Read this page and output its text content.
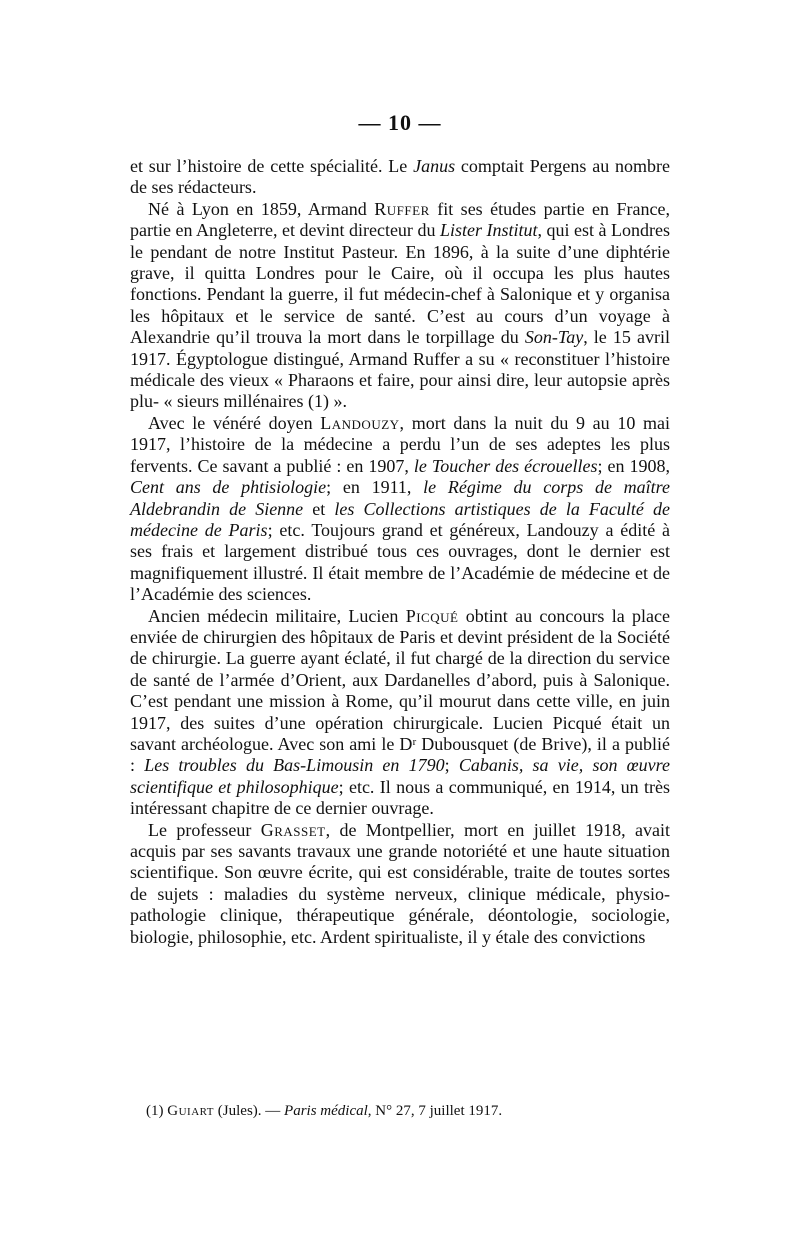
— 10 —

et sur l’histoire de cette spécialité. Le Janus comptait Pergens au nombre de ses rédacteurs.

Né à Lyon en 1859, Armand Ruffer fit ses études partie en France, partie en Angleterre, et devint directeur du Lister Institut, qui est à Londres le pendant de notre Institut Pasteur. En 1896, à la suite d’une diphtérie grave, il quitta Londres pour le Caire, où il occupa les plus hautes fonctions. Pendant la guerre, il fut médecin-chef à Salonique et y organisa les hôpitaux et le service de santé. C’est au cours d’un voyage à Alexandrie qu’il trouva la mort dans le torpillage du Son-Tay, le 15 avril 1917. Égyptologue distingué, Armand Ruffer a su « reconstituer l’histoire médicale des vieux « Pharaons et faire, pour ainsi dire, leur autopsie après plu- « sieurs millénaires (1) ».

Avec le vénéré doyen Landouzy, mort dans la nuit du 9 au 10 mai 1917, l’histoire de la médecine a perdu l’un de ses adeptes les plus fervents. Ce savant a publié : en 1907, le Toucher des écrouelles; en 1908, Cent ans de phtisiologie; en 1911, le Régime du corps de maître Aldebrandin de Sienne et les Collections artistiques de la Faculté de médecine de Paris; etc. Toujours grand et généreux, Landouzy a édité à ses frais et largement distribué tous ces ouvrages, dont le dernier est magnifiquement illustré. Il était membre de l’Académie de médecine et de l’Académie des sciences.

Ancien médecin militaire, Lucien Picqué obtint au concours la place enviée de chirurgien des hôpitaux de Paris et devint président de la Société de chirurgie. La guerre ayant éclaté, il fut chargé de la direction du service de santé de l’armée d’Orient, aux Dardanelles d’abord, puis à Salonique. C’est pendant une mission à Rome, qu’il mourut dans cette ville, en juin 1917, des suites d’une opération chirurgicale. Lucien Picqué était un savant archéologue. Avec son ami le Dʳ Dubousquet (de Brive), il a publié : Les troubles du Bas-Limousin en 1790; Cabanis, sa vie, son œuvre scientifique et philosophique; etc. Il nous a communiqué, en 1914, un très intéressant chapitre de ce dernier ouvrage.

Le professeur Grasset, de Montpellier, mort en juillet 1918, avait acquis par ses savants travaux une grande notoriété et une haute situation scientifique. Son œuvre écrite, qui est considérable, traite de toutes sortes de sujets : maladies du système nerveux, clinique médicale, physio-pathologie clinique, thérapeutique générale, déontologie, sociologie, biologie, philosophie, etc. Ardent spiritualiste, il y étale des convictions

(1) Guiart (Jules). — Paris médical, N° 27, 7 juillet 1917.
